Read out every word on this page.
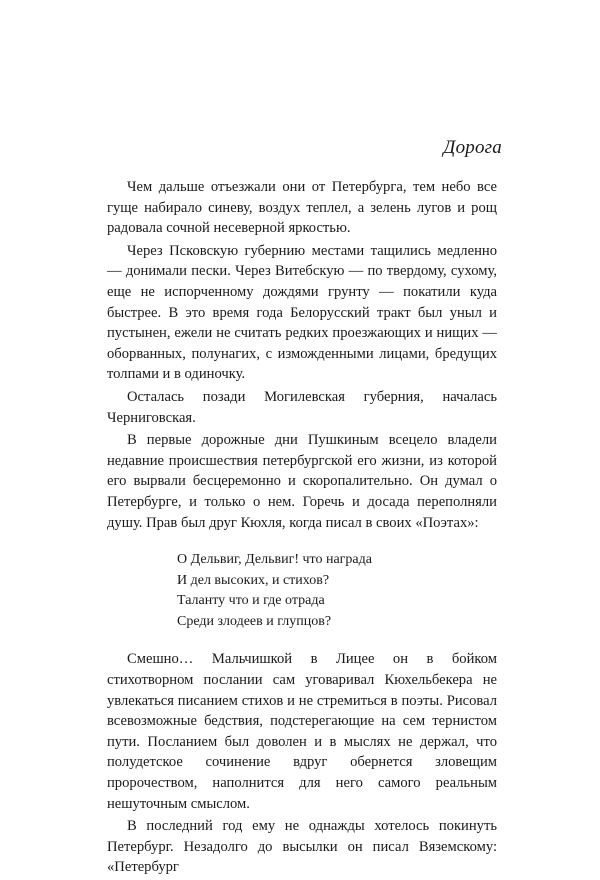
Дорога

Чем дальше отъезжали они от Петербурга, тем небо все гуще набирало синеву, воздух теплел, а зелень лугов и рощ радовала сочной несеверной яркостью.

Через Псковскую губернию местами тащились медленно — донимали пески. Через Витебскую — по твердому, сухому, еще не испорченному дождями грунту — покатили куда быстрее. В это время года Белорусский тракт был уныл и пустынен, ежели не считать редких проезжающих и нищих — оборванных, полунагих, с изможденными лицами, бредущих толпами и в одиночку.

Осталась позади Могилевская губерния, началась Черниговская.

В первые дорожные дни Пушкиным всецело владели недавние происшествия петербургской его жизни, из которой его вырвали бесцеремонно и скоропалительно. Он думал о Петербурге, и только о нем. Горечь и досада переполняли душу. Прав был друг Кюхля, когда писал в своих «Поэтах»:

О Дельвиг, Дельвиг! что награда
И дел высоких, и стихов?
Таланту что и где отрада
Среди злодеев и глупцов?

Смешно… Мальчишкой в Лицее он в бойком стихотворном послании сам уговаривал Кюхельбекера не увлекаться писанием стихов и не стремиться в поэты. Рисовал всевозможные бедствия, подстерегающие на сем тернистом пути. Посланием был доволен и в мыслях не держал, что полудетское сочинение вдруг обернется зловещим пророчеством, наполнится для него самого реальным нешуточным смыслом.

В последний год ему не однажды хотелось покинуть Петербург. Незадолго до высылки он писал Вяземскому: «Петербург
